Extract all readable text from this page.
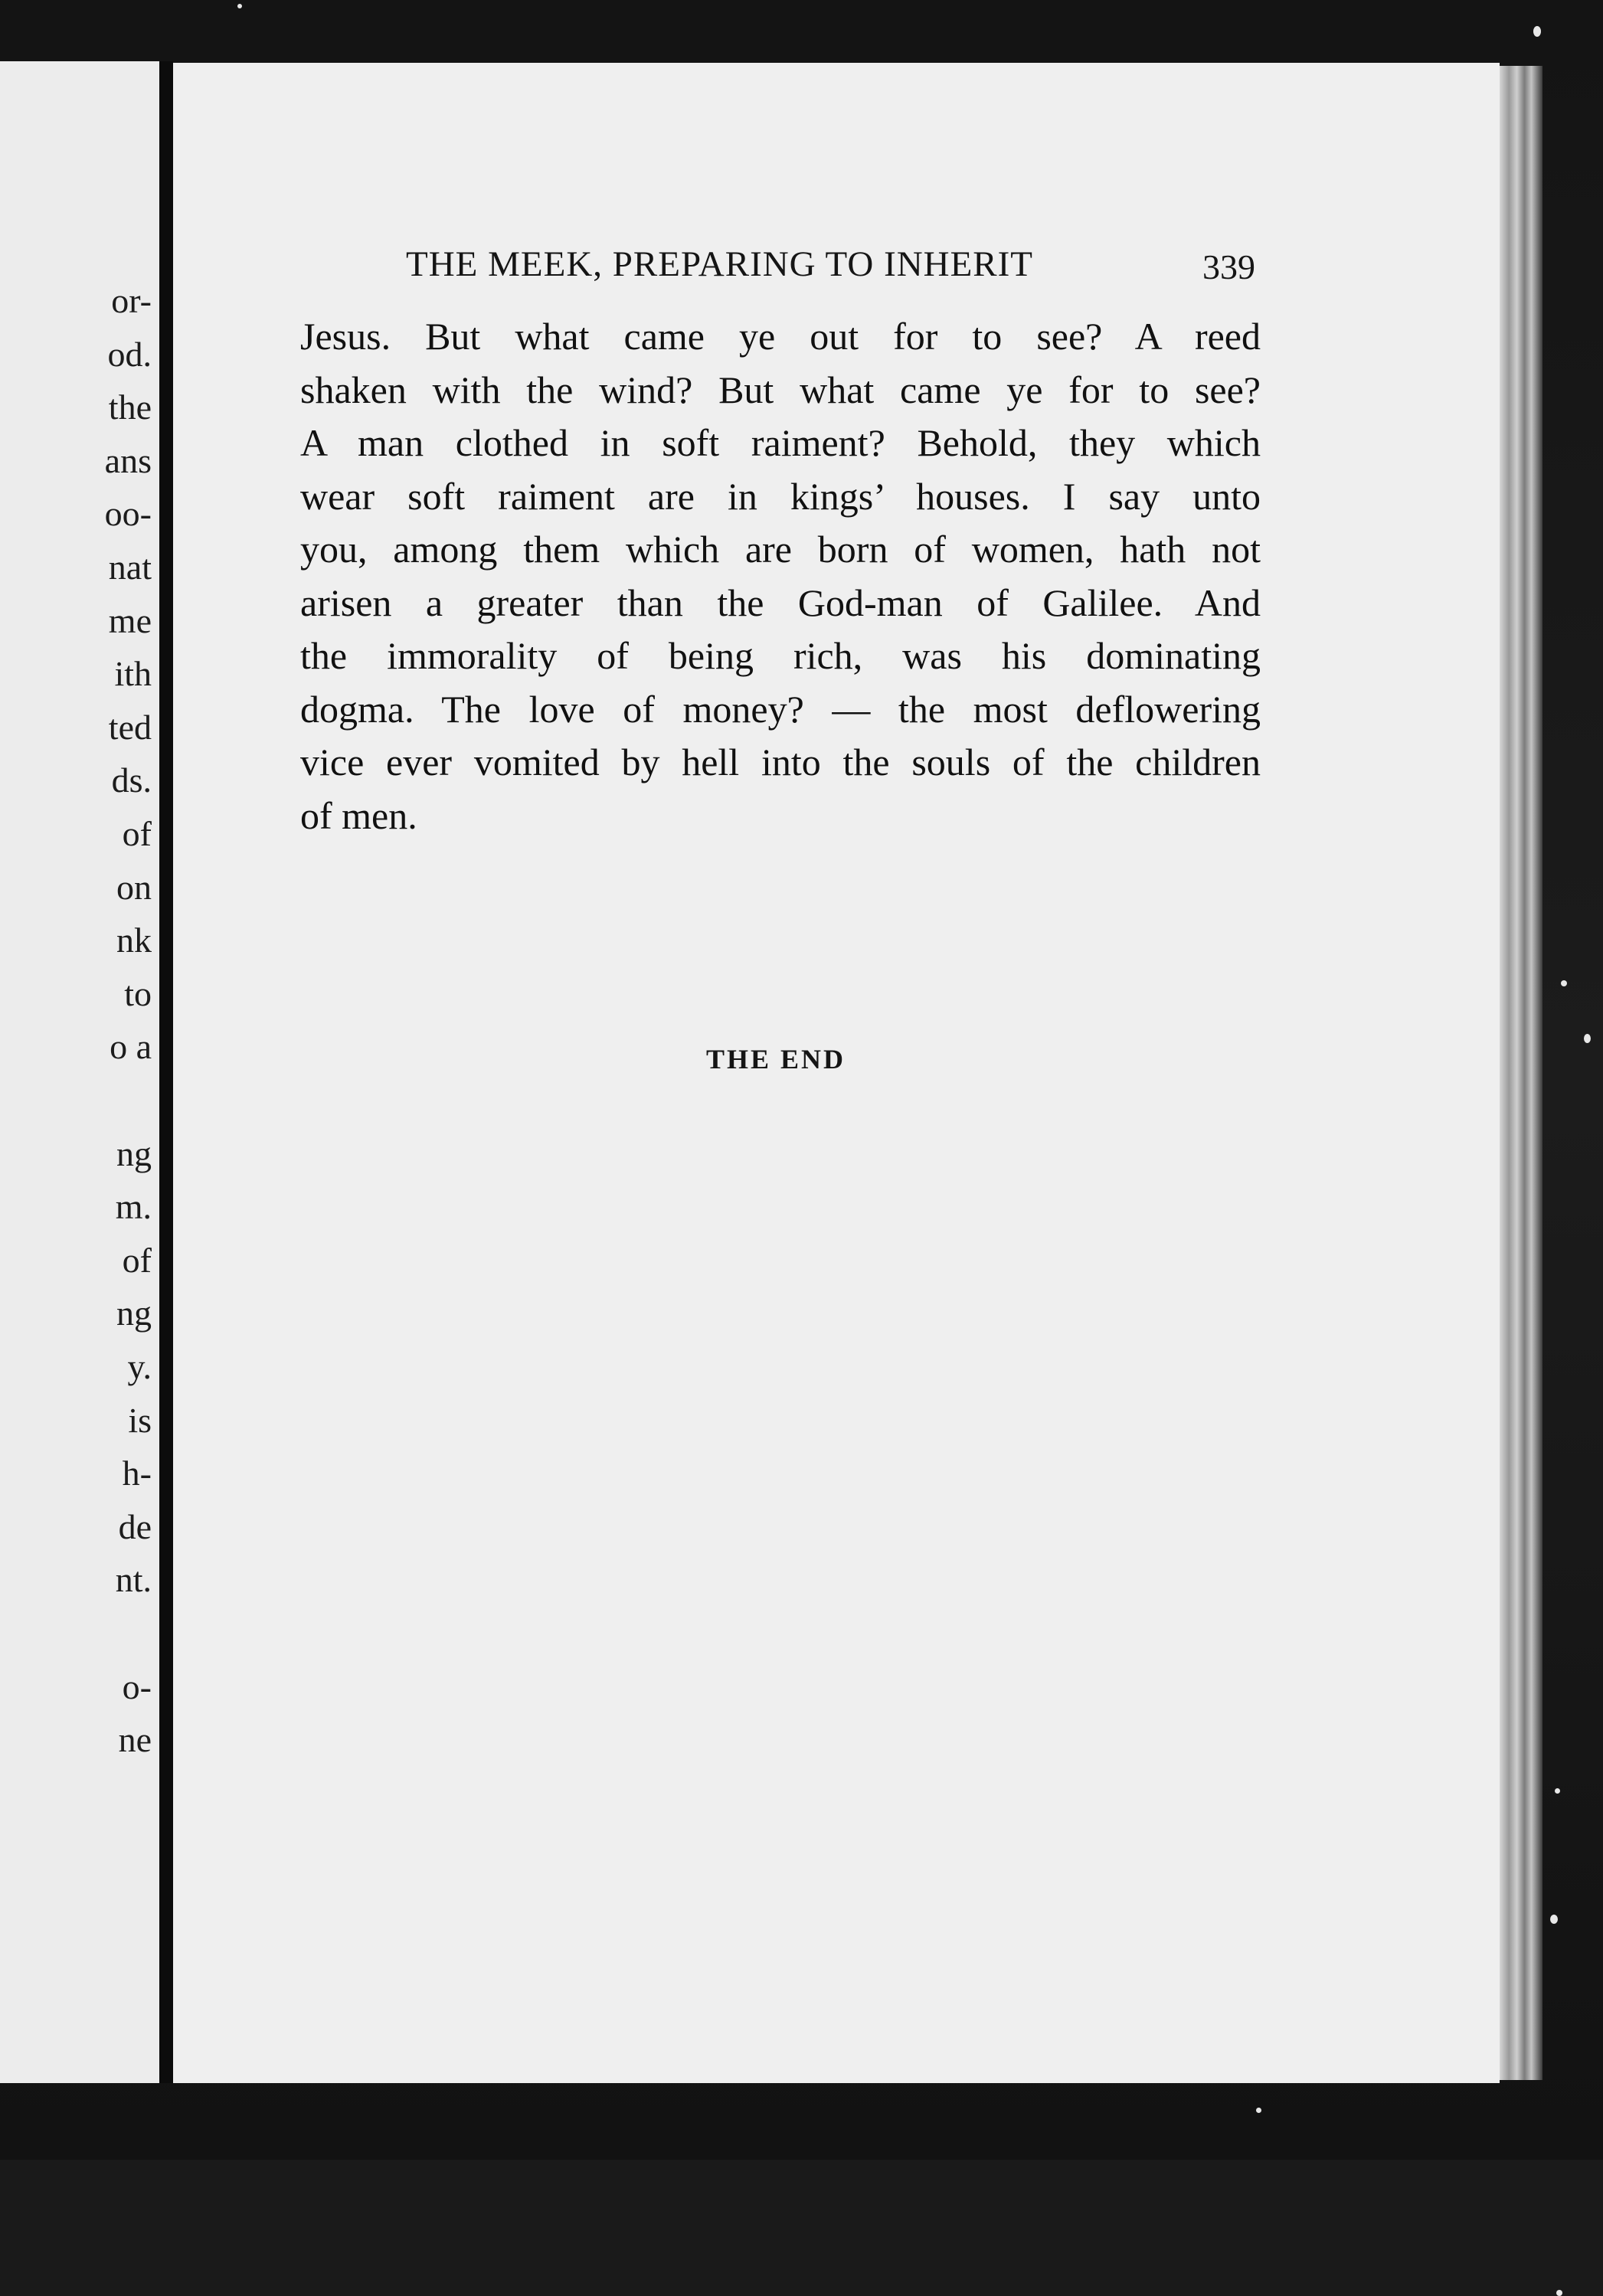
or-
od.
the
ans
oo-
nat
me
ith
ted
ds.
of
on
nk
to
o a
ng
m.
of
ng
y.
is
h-
de
nt.
o-
ne
THE MEEK, PREPARING TO INHERIT	339
Jesus. But what came ye out for to see? A reed
shaken with the wind? But what came ye for to see?
A man clothed in soft raiment? Behold, they which
wear soft raiment are in kings’ houses. I say unto
you, among them which are born of women, hath not
arisen a greater than the God-man of Galilee. And
the immorality of being rich, was his dominating
dogma. The love of money? — the most deflowering
vice ever vomited by hell into the souls of the children
of men.
THE END
